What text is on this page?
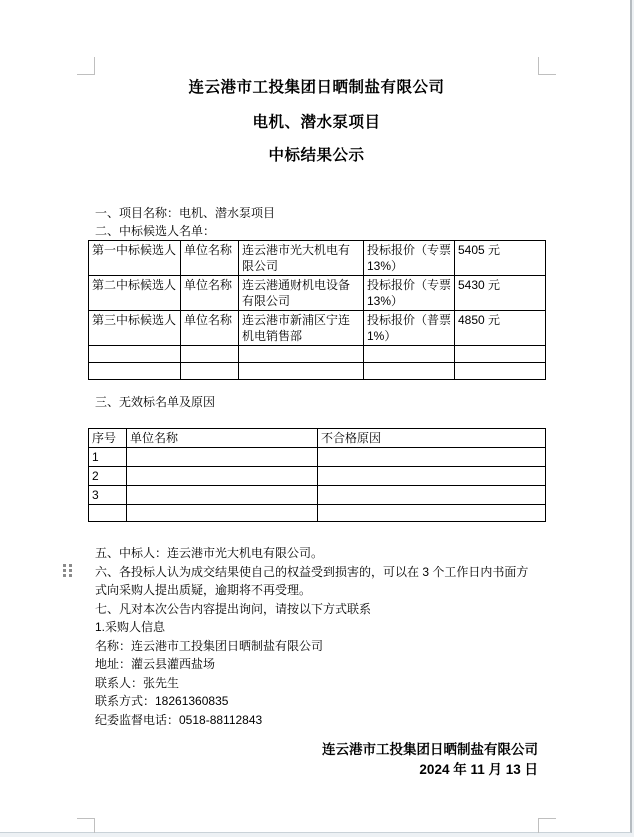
连云港市工投集团日晒制盐有限公司
电机、潜水泵项目
中标结果公示

一、项目名称：电机、潜水泵项目

二、中标候选人名单：

第一中标候选人	单位名称	连云港市光大机电有限公司	投标报价（专票13%）	5405 元
第二中标候选人	单位名称	连云港通财机电设备有限公司	投标报价（专票13%）	5430 元
第三中标候选人	单位名称	连云港市新浦区宁连机电销售部	投标报价（普票1%）	4850 元

三、无效标名单及原因

序号	单位名称	不合格原因
1		
2		
3		

五、中标人：连云港市光大机电有限公司。

六、各投标人认为成交结果使自己的权益受到损害的，可以在 3 个工作日内书面方式向采购人提出质疑，逾期将不再受理。

七、凡对本次公告内容提出询问，请按以下方式联系

1.采购人信息

名称：连云港市工投集团日晒制盐有限公司

地址：灌云县灌西盐场

联系人：张先生

联系方式：18261360835

纪委监督电话：0518-88112843

连云港市工投集团日晒制盐有限公司
2024 年 11 月 13 日
